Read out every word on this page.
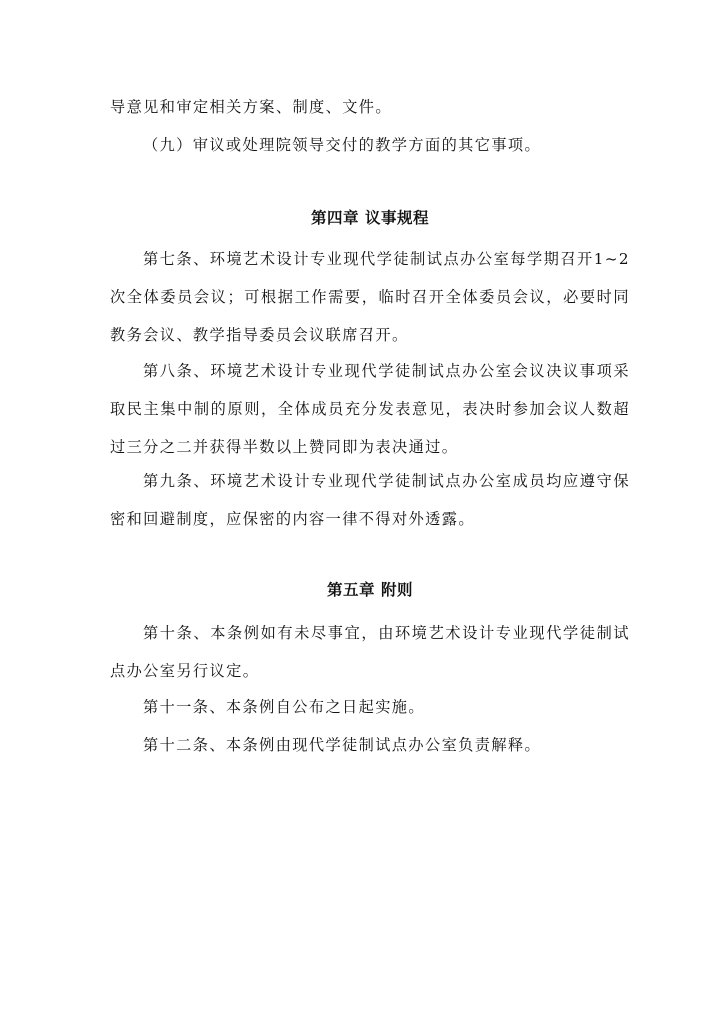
导意见和审定相关方案、制度、文件。

（九）审议或处理院领导交付的教学方面的其它事项。

第四章 议事规程

第七条、环境艺术设计专业现代学徒制试点办公室每学期召开1~2次全体委员会议；可根据工作需要，临时召开全体委员会议，必要时同教务会议、教学指导委员会议联席召开。

第八条、环境艺术设计专业现代学徒制试点办公室会议决议事项采取民主集中制的原则，全体成员充分发表意见，表决时参加会议人数超过三分之二并获得半数以上赞同即为表决通过。

第九条、环境艺术设计专业现代学徒制试点办公室成员均应遵守保密和回避制度，应保密的内容一律不得对外透露。

第五章 附则

第十条、本条例如有未尽事宜，由环境艺术设计专业现代学徒制试点办公室另行议定。

第十一条、本条例自公布之日起实施。

第十二条、本条例由现代学徒制试点办公室负责解释。
